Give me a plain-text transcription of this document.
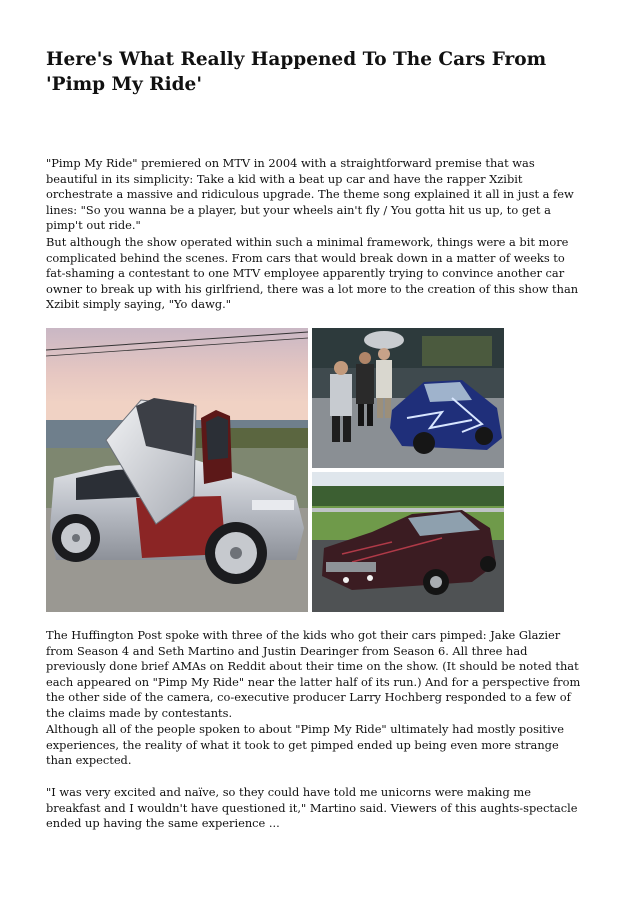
Here's What Really Happened To The Cars From 'Pimp My Ride'

"Pimp My Ride" premiered on MTV in 2004 with a straightforward premise that was beautiful in its simplicity: Take a kid with a beat up car and have the rapper Xzibit orchestrate a massive and ridiculous upgrade. The theme song explained it all in just a few lines: "So you wanna be a player, but your wheels ain't fly / You gotta hit us up, to get a pimp't out ride."

But although the show operated within such a minimal framework, things were a bit more complicated behind the scenes. From cars that would break down in a matter of weeks to fat-shaming a contestant to one MTV employee apparently trying to convince another car owner to break up with his girlfriend, there was a lot more to the creation of this show than Xzibit simply saying, "Yo dawg."

The Huffington Post spoke with three of the kids who got their cars pimped: Jake Glazier from Season 4 and Seth Martino and Justin Dearinger from Season 6. All three had previously done brief AMAs on Reddit about their time on the show. (It should be noted that each appeared on "Pimp My Ride" near the latter half of its run.) And for a perspective from the other side of the camera, co-executive producer Larry Hochberg responded to a few of the claims made by contestants.

Although all of the people spoken to about "Pimp My Ride" ultimately had mostly positive experiences, the reality of what it took to get pimped ended up being even more strange than expected.

"I was very excited and naïve, so they could have told me unicorns were making me breakfast and I wouldn't have questioned it," Martino said. Viewers of this aughts-spectacle ended up having the same experience ...
